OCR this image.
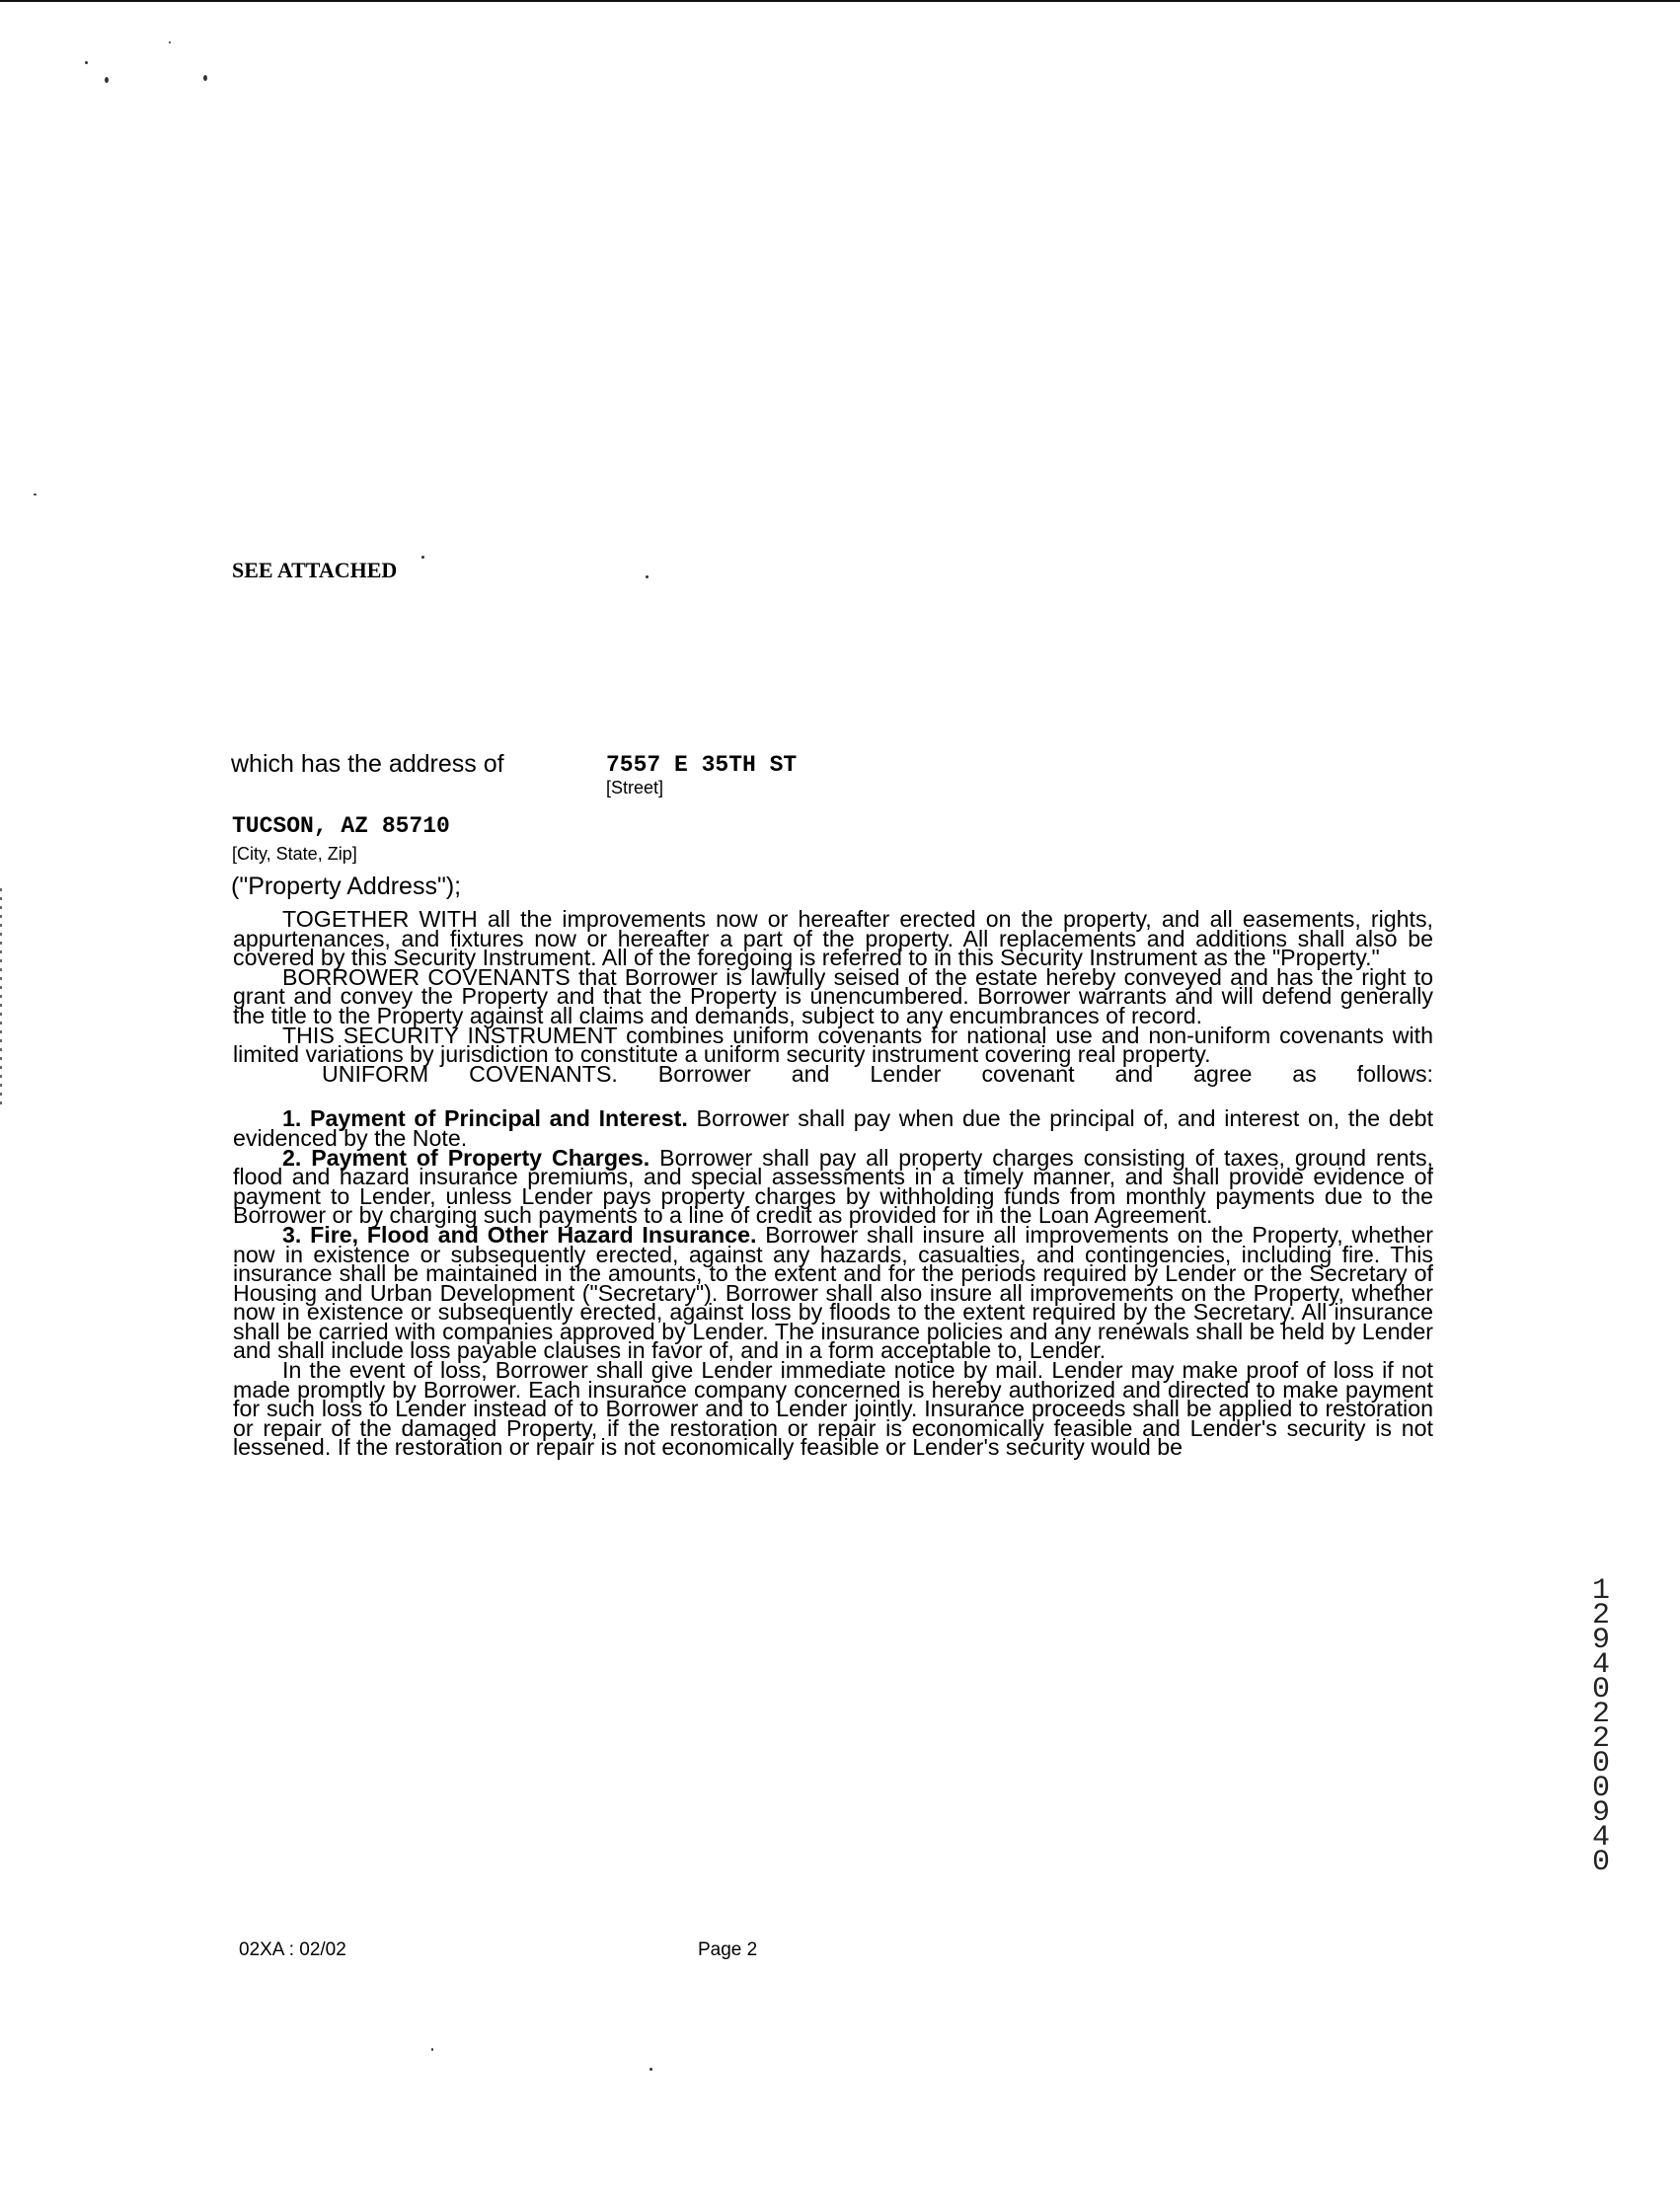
SEE ATTACHED
which has the address of	7557 E 35TH ST
[Street]
TUCSON, AZ 85710
[City, State, Zip]
("Property Address");

TOGETHER WITH all the improvements now or hereafter erected on the property, and all easements, rights, appurtenances, and fixtures now or hereafter a part of the property. All replacements and additions shall also be covered by this Security Instrument. All of the foregoing is referred to in this Security Instrument as the "Property."

BORROWER COVENANTS that Borrower is lawfully seised of the estate hereby conveyed and has the right to grant and convey the Property and that the Property is unencumbered. Borrower warrants and will defend generally the title to the Property against all claims and demands, subject to any encumbrances of record.

THIS SECURITY INSTRUMENT combines uniform covenants for national use and non-uniform covenants with limited variations by jurisdiction to constitute a uniform security instrument covering real property.

UNIFORM COVENANTS. Borrower and Lender covenant and agree as follows:

1. Payment of Principal and Interest. Borrower shall pay when due the principal of, and interest on, the debt evidenced by the Note.

2. Payment of Property Charges. Borrower shall pay all property charges consisting of taxes, ground rents, flood and hazard insurance premiums, and special assessments in a timely manner, and shall provide evidence of payment to Lender, unless Lender pays property charges by withholding funds from monthly payments due to the Borrower or by charging such payments to a line of credit as provided for in the Loan Agreement.

3. Fire, Flood and Other Hazard Insurance. Borrower shall insure all improvements on the Property, whether now in existence or subsequently erected, against any hazards, casualties, and contingencies, including fire. This insurance shall be maintained in the amounts, to the extent and for the periods required by Lender or the Secretary of Housing and Urban Development ("Secretary"). Borrower shall also insure all improvements on the Property, whether now in existence or subsequently erected, against loss by floods to the extent required by the Secretary. All insurance shall be carried with companies approved by Lender. The insurance policies and any renewals shall be held by Lender and shall include loss payable clauses in favor of, and in a form acceptable to, Lender.

In the event of loss, Borrower shall give Lender immediate notice by mail. Lender may make proof of loss if not made promptly by Borrower. Each insurance company concerned is hereby authorized and directed to make payment for such loss to Lender instead of to Borrower and to Lender jointly. Insurance proceeds shall be applied to restoration or repair of the damaged Property, if the restoration or repair is economically feasible and Lender's security is not lessened. If the restoration or repair is not economically feasible or Lender's security would be

02XA : 02/02	Page 2
1294 0220 0940
